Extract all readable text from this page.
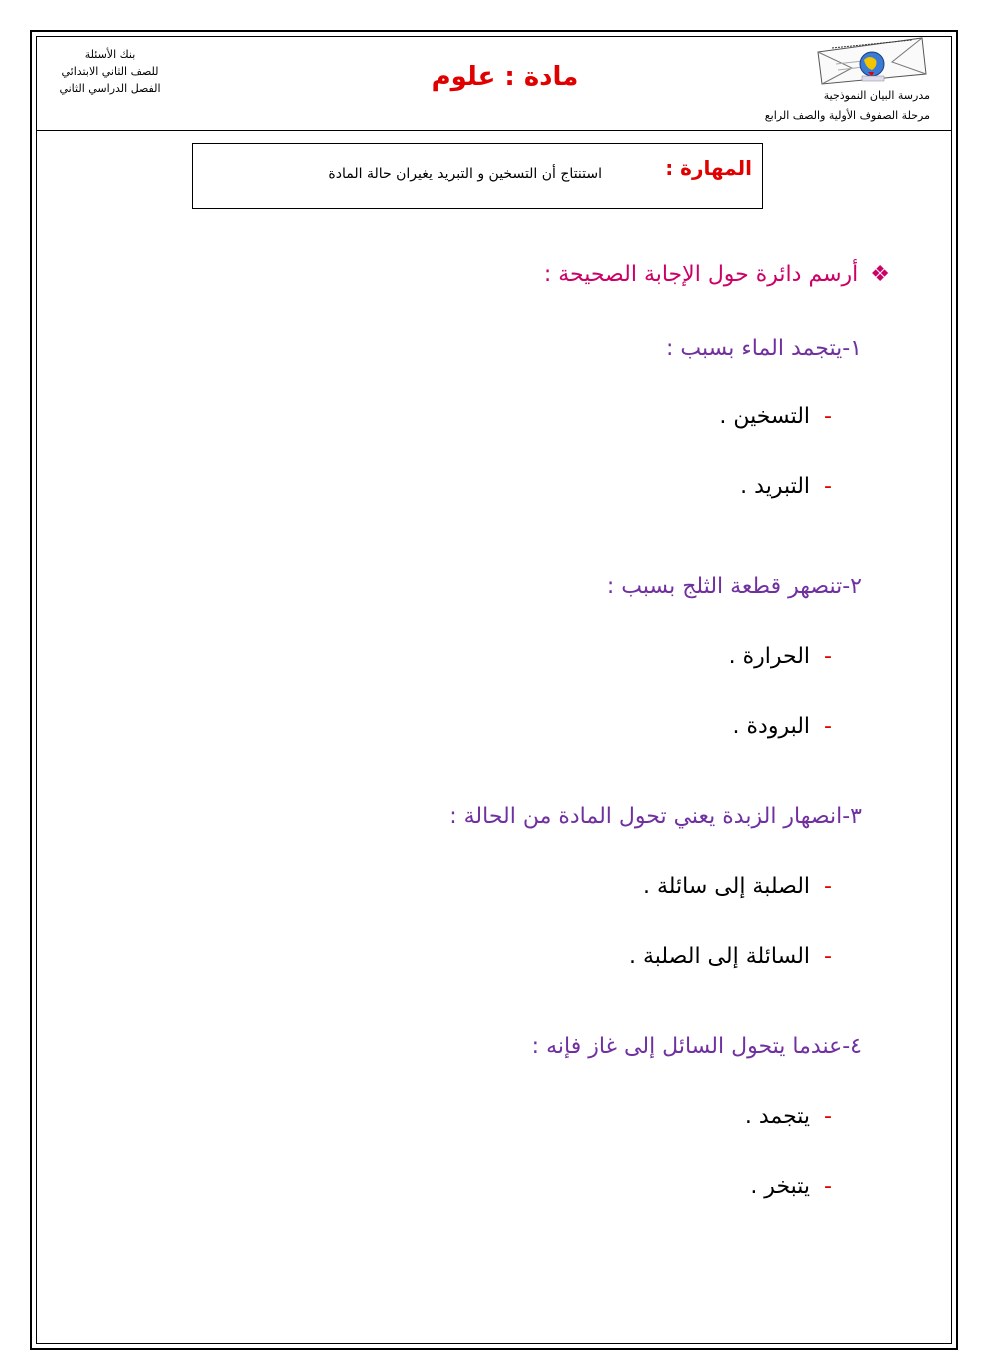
بنك الأسئلة
للصف الثاني الابتدائي
الفصل الدراسي الثاني	مادة : علوم
مدرسة البيان النموذجية
مرحلة الصفوف الأولية والصف الرابع
المهارة :
استنتاج أن التسخين و التبريد يغيران حالة المادة
❖أرسم دائرة حول الإجابة الصحيحة :
١-يتجمد الماء بسبب :
-التسخين .
-التبريد .
٢-تنصهر قطعة الثلج بسبب :
-الحرارة .
-البرودة .
٣-انصهار الزبدة يعني تحول المادة من الحالة :
-الصلبة إلى سائلة .
-السائلة إلى الصلبة .
٤-عندما يتحول السائل إلى غاز فإنه :
-يتجمد .
-يتبخر .
